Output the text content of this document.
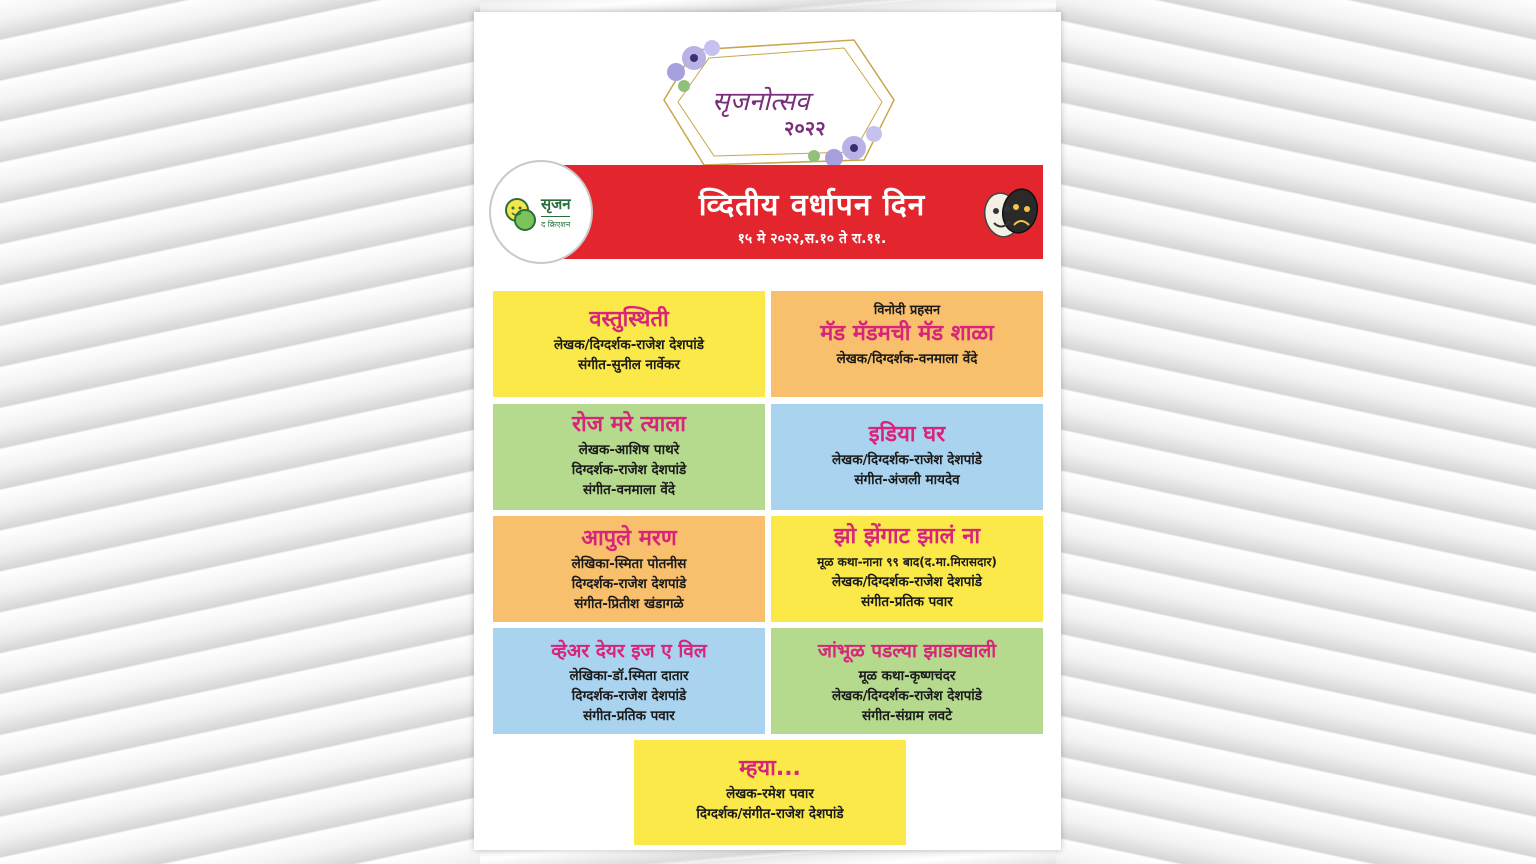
सृजनोत्सव
२०२२
व्दितीय वर्धापन दिन
१५ मे २०२२,स.१० ते रा.११.
सृजन
द क्रिएशन
वस्तुस्थिती
लेखक/दिग्दर्शक-राजेश देशपांडे
संगीत-सुनील नार्वेकर
विनोदी प्रहसन
मॅड मॅडमची मॅड शाळा
लेखक/दिग्दर्शक-वनमाला वेंदे
रोज मरे त्याला
लेखक-आशिष पाथरे
दिग्दर्शक-राजेश देशपांडे
संगीत-वनमाला वेंदे
इडिया घर
लेखक/दिग्दर्शक-राजेश देशपांडे
संगीत-अंजली मायदेव
आपुले मरण
लेखिका-स्मिता पोतनीस
दिग्दर्शक-राजेश देशपांडे
संगीत-प्रितीश खंडागळे
झो झेंगाट झालं ना
मूळ कथा-नाना ९९ बाद(द.मा.मिरासदार)
लेखक/दिग्दर्शक-राजेश देशपांडे
संगीत-प्रतिक पवार
व्हेअर देयर इज ए विल
लेखिका-डॉ.स्मिता दातार
दिग्दर्शक-राजेश देशपांडे
संगीत-प्रतिक पवार
जांभूळ पडल्या झाडाखाली
मूळ कथा-कृष्णचंदर
लेखक/दिग्दर्शक-राजेश देशपांडे
संगीत-संग्राम लवटे
म्हया...
लेखक-रमेश पवार
दिग्दर्शक/संगीत-राजेश देशपांडे
